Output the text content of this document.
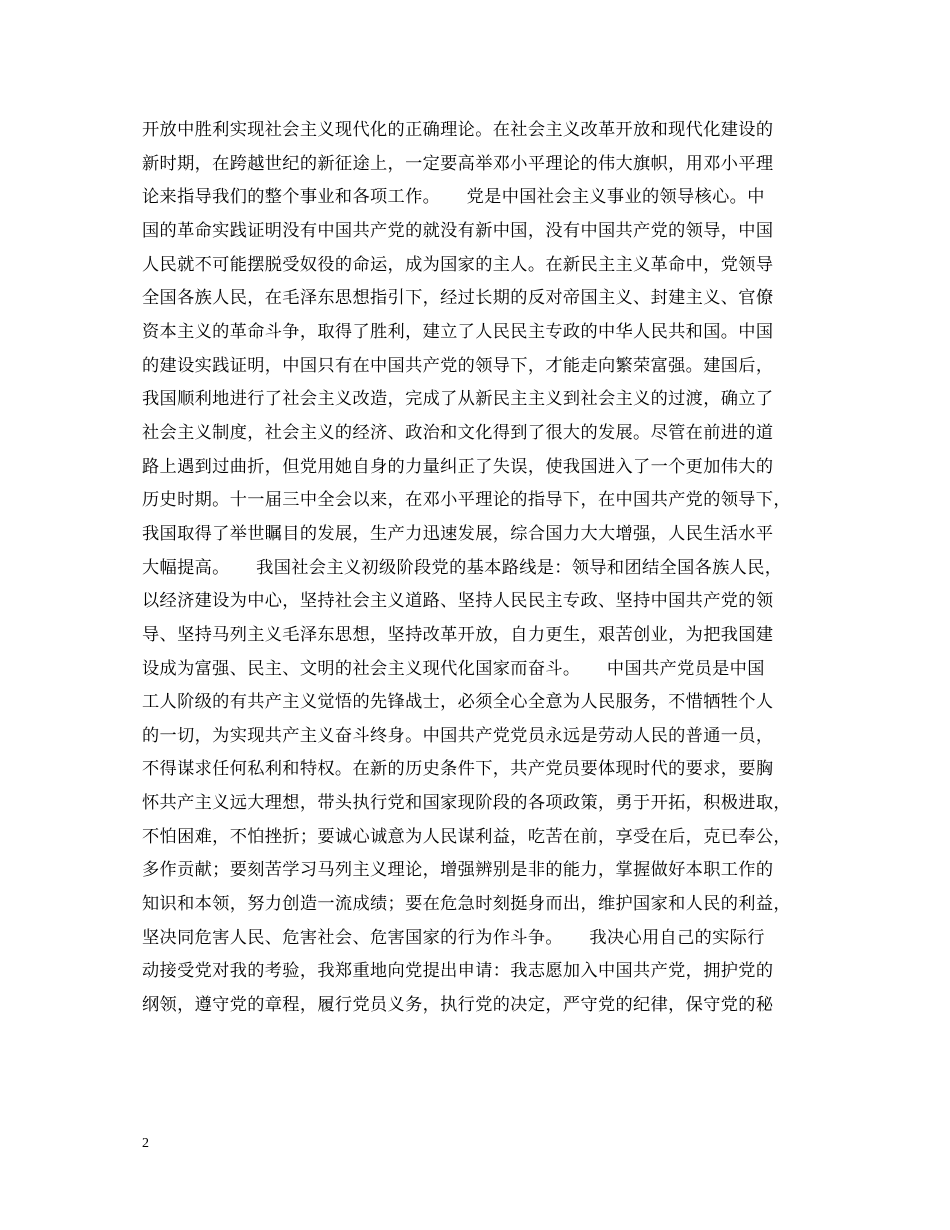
开放中胜利实现社会主义现代化的正确理论。在社会主义改革开放和现代化建设的
新时期，在跨越世纪的新征途上，一定要高举邓小平理论的伟大旗帜，用邓小平理
论来指导我们的整个事业和各项工作。　　党是中国社会主义事业的领导核心。中
国的革命实践证明没有中国共产党的就没有新中国，没有中国共产党的领导，中国
人民就不可能摆脱受奴役的命运，成为国家的主人。在新民主主义革命中，党领导
全国各族人民，在毛泽东思想指引下，经过长期的反对帝国主义、封建主义、官僚
资本主义的革命斗争，取得了胜利，建立了人民民主专政的中华人民共和国。中国
的建设实践证明，中国只有在中国共产党的领导下，才能走向繁荣富强。建国后，
我国顺利地进行了社会主义改造，完成了从新民主主义到社会主义的过渡，确立了
社会主义制度，社会主义的经济、政治和文化得到了很大的发展。尽管在前进的道
路上遇到过曲折，但党用她自身的力量纠正了失误，使我国进入了一个更加伟大的
历史时期。十一届三中全会以来，在邓小平理论的指导下，在中国共产党的领导下，
我国取得了举世瞩目的发展，生产力迅速发展，综合国力大大增强，人民生活水平
大幅提高。　　我国社会主义初级阶段党的基本路线是：领导和团结全国各族人民，
以经济建设为中心，坚持社会主义道路、坚持人民民主专政、坚持中国共产党的领
导、坚持马列主义毛泽东思想，坚持改革开放，自力更生，艰苦创业，为把我国建
设成为富强、民主、文明的社会主义现代化国家而奋斗。　　中国共产党员是中国
工人阶级的有共产主义觉悟的先锋战士，必须全心全意为人民服务，不惜牺牲个人
的一切，为实现共产主义奋斗终身。中国共产党党员永远是劳动人民的普通一员，
不得谋求任何私利和特权。在新的历史条件下，共产党员要体现时代的要求，要胸
怀共产主义远大理想，带头执行党和国家现阶段的各项政策，勇于开拓，积极进取，
不怕困难，不怕挫折；要诚心诚意为人民谋利益，吃苦在前，享受在后，克已奉公，
多作贡献；要刻苦学习马列主义理论，增强辨别是非的能力，掌握做好本职工作的
知识和本领，努力创造一流成绩；要在危急时刻挺身而出，维护国家和人民的利益，
坚决同危害人民、危害社会、危害国家的行为作斗争。　　我决心用自己的实际行
动接受党对我的考验，我郑重地向党提出申请：我志愿加入中国共产党，拥护党的
纲领，遵守党的章程，履行党员义务，执行党的决定，严守党的纪律，保守党的秘
2
